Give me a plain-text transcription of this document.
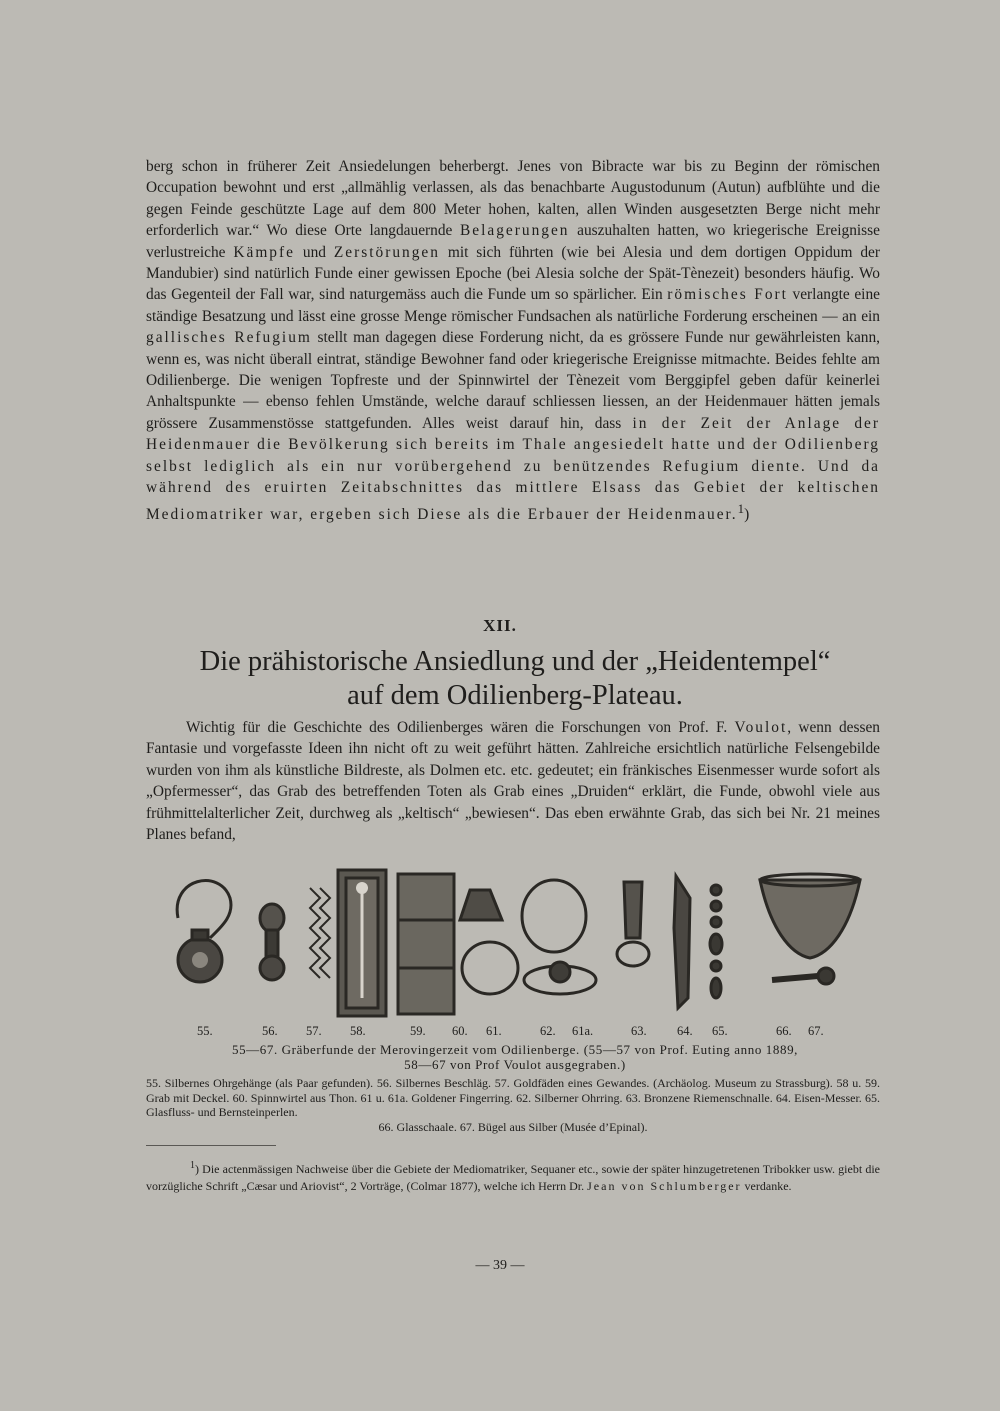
berg schon in früherer Zeit Ansiedelungen beherbergt. Jenes von Bibracte war bis zu Beginn der römischen Occupation bewohnt und erst „allmählig verlassen, als das benachbarte Augustodunum (Autun) aufblühte und die gegen Feinde geschützte Lage auf dem 800 Meter hohen, kalten, allen Winden ausgesetzten Berge nicht mehr erforderlich war.“ Wo diese Orte langdauernde Belagerungen auszuhalten hatten, wo kriegerische Ereignisse verlustreiche Kämpfe und Zerstörungen mit sich führten (wie bei Alesia und dem dortigen Oppidum der Mandubier) sind natürlich Funde einer gewissen Epoche (bei Alesia solche der Spät-Tènezeit) besonders häufig. Wo das Gegenteil der Fall war, sind naturgemäss auch die Funde um so spärlicher. Ein römisches Fort verlangte eine ständige Besatzung und lässt eine grosse Menge römischer Fundsachen als natürliche Forderung erscheinen — an ein gallisches Refugium stellt man dagegen diese Forderung nicht, da es grössere Funde nur gewährleisten kann, wenn es, was nicht überall eintrat, ständige Bewohner fand oder kriegerische Ereignisse mitmachte. Beides fehlte am Odilienberge. Die wenigen Topfreste und der Spinnwirtel der Tènezeit vom Berggipfel geben dafür keinerlei Anhaltspunkte — ebenso fehlen Umstände, welche darauf schliessen liessen, an der Heidenmauer hätten jemals grössere Zusammenstösse stattgefunden. Alles weist darauf hin, dass in der Zeit der Anlage der Heidenmauer die Bevölkerung sich bereits im Thale angesiedelt hatte und der Odilienberg selbst lediglich als ein nur vorübergehend zu benützendes Refugium diente. Und da während des eruirten Zeitabschnittes das mittlere Elsass das Gebiet der keltischen Mediomatriker war, ergeben sich Diese als die Erbauer der Heidenmauer.$^1$)

XII.
Die prähistorische Ansiedlung und der „Heidentempel“
auf dem Odilienberg-Plateau.

Wichtig für die Geschichte des Odilienberges wären die Forschungen von Prof. F. Voulot, wenn dessen Fantasie und vorgefasste Ideen ihn nicht oft zu weit geführt hätten. Zahlreiche ersichtlich natürliche Felsengebilde wurden von ihm als künstliche Bildreste, als Dolmen etc. etc. gedeutet; ein fränkisches Eisenmesser wurde sofort als „Opfermesser“, das Grab des betreffenden Toten als Grab eines „Druiden“ erklärt, die Funde, obwohl viele aus frühmittelalterlicher Zeit, durchweg als „keltisch“ „bewiesen“. Das eben erwähnte Grab, das sich bei Nr. 21 meines Planes befand,

55.	56. 57. 58.	59. 60. 61.	62. 61a.	63. 64. 65.	66. 67.

55—67. Gräberfunde der Merovingerzeit vom Odilienberge. (55—57 von Prof. Euting anno 1889,
58—67 von Prof Voulot ausgegraben.)

55. Silbernes Ohrgehänge (als Paar gefunden). 56. Silbernes Beschläg. 57. Goldfäden eines Gewandes. (Archäolog. Museum zu Strassburg). 58 u. 59. Grab mit Deckel. 60. Spinnwirtel aus Thon. 61 u. 61a. Goldener Fingerring. 62. Silberner Ohrring. 63. Bronzene Riemenschnalle. 64. Eisen-Messer. 65. Glasfluss- und Bernsteinperlen.
66. Glasschaale. 67. Bügel aus Silber (Musée d’Epinal).

$^1$) Die actenmässigen Nachweise über die Gebiete der Mediomatriker, Sequaner etc., sowie der später hinzugetretenen Tribokker usw. giebt die vorzügliche Schrift „Cæsar und Ariovist“, 2 Vorträge, (Colmar 1877), welche ich Herrn Dr. Jean von Schlumberger verdanke.

— 39 —
